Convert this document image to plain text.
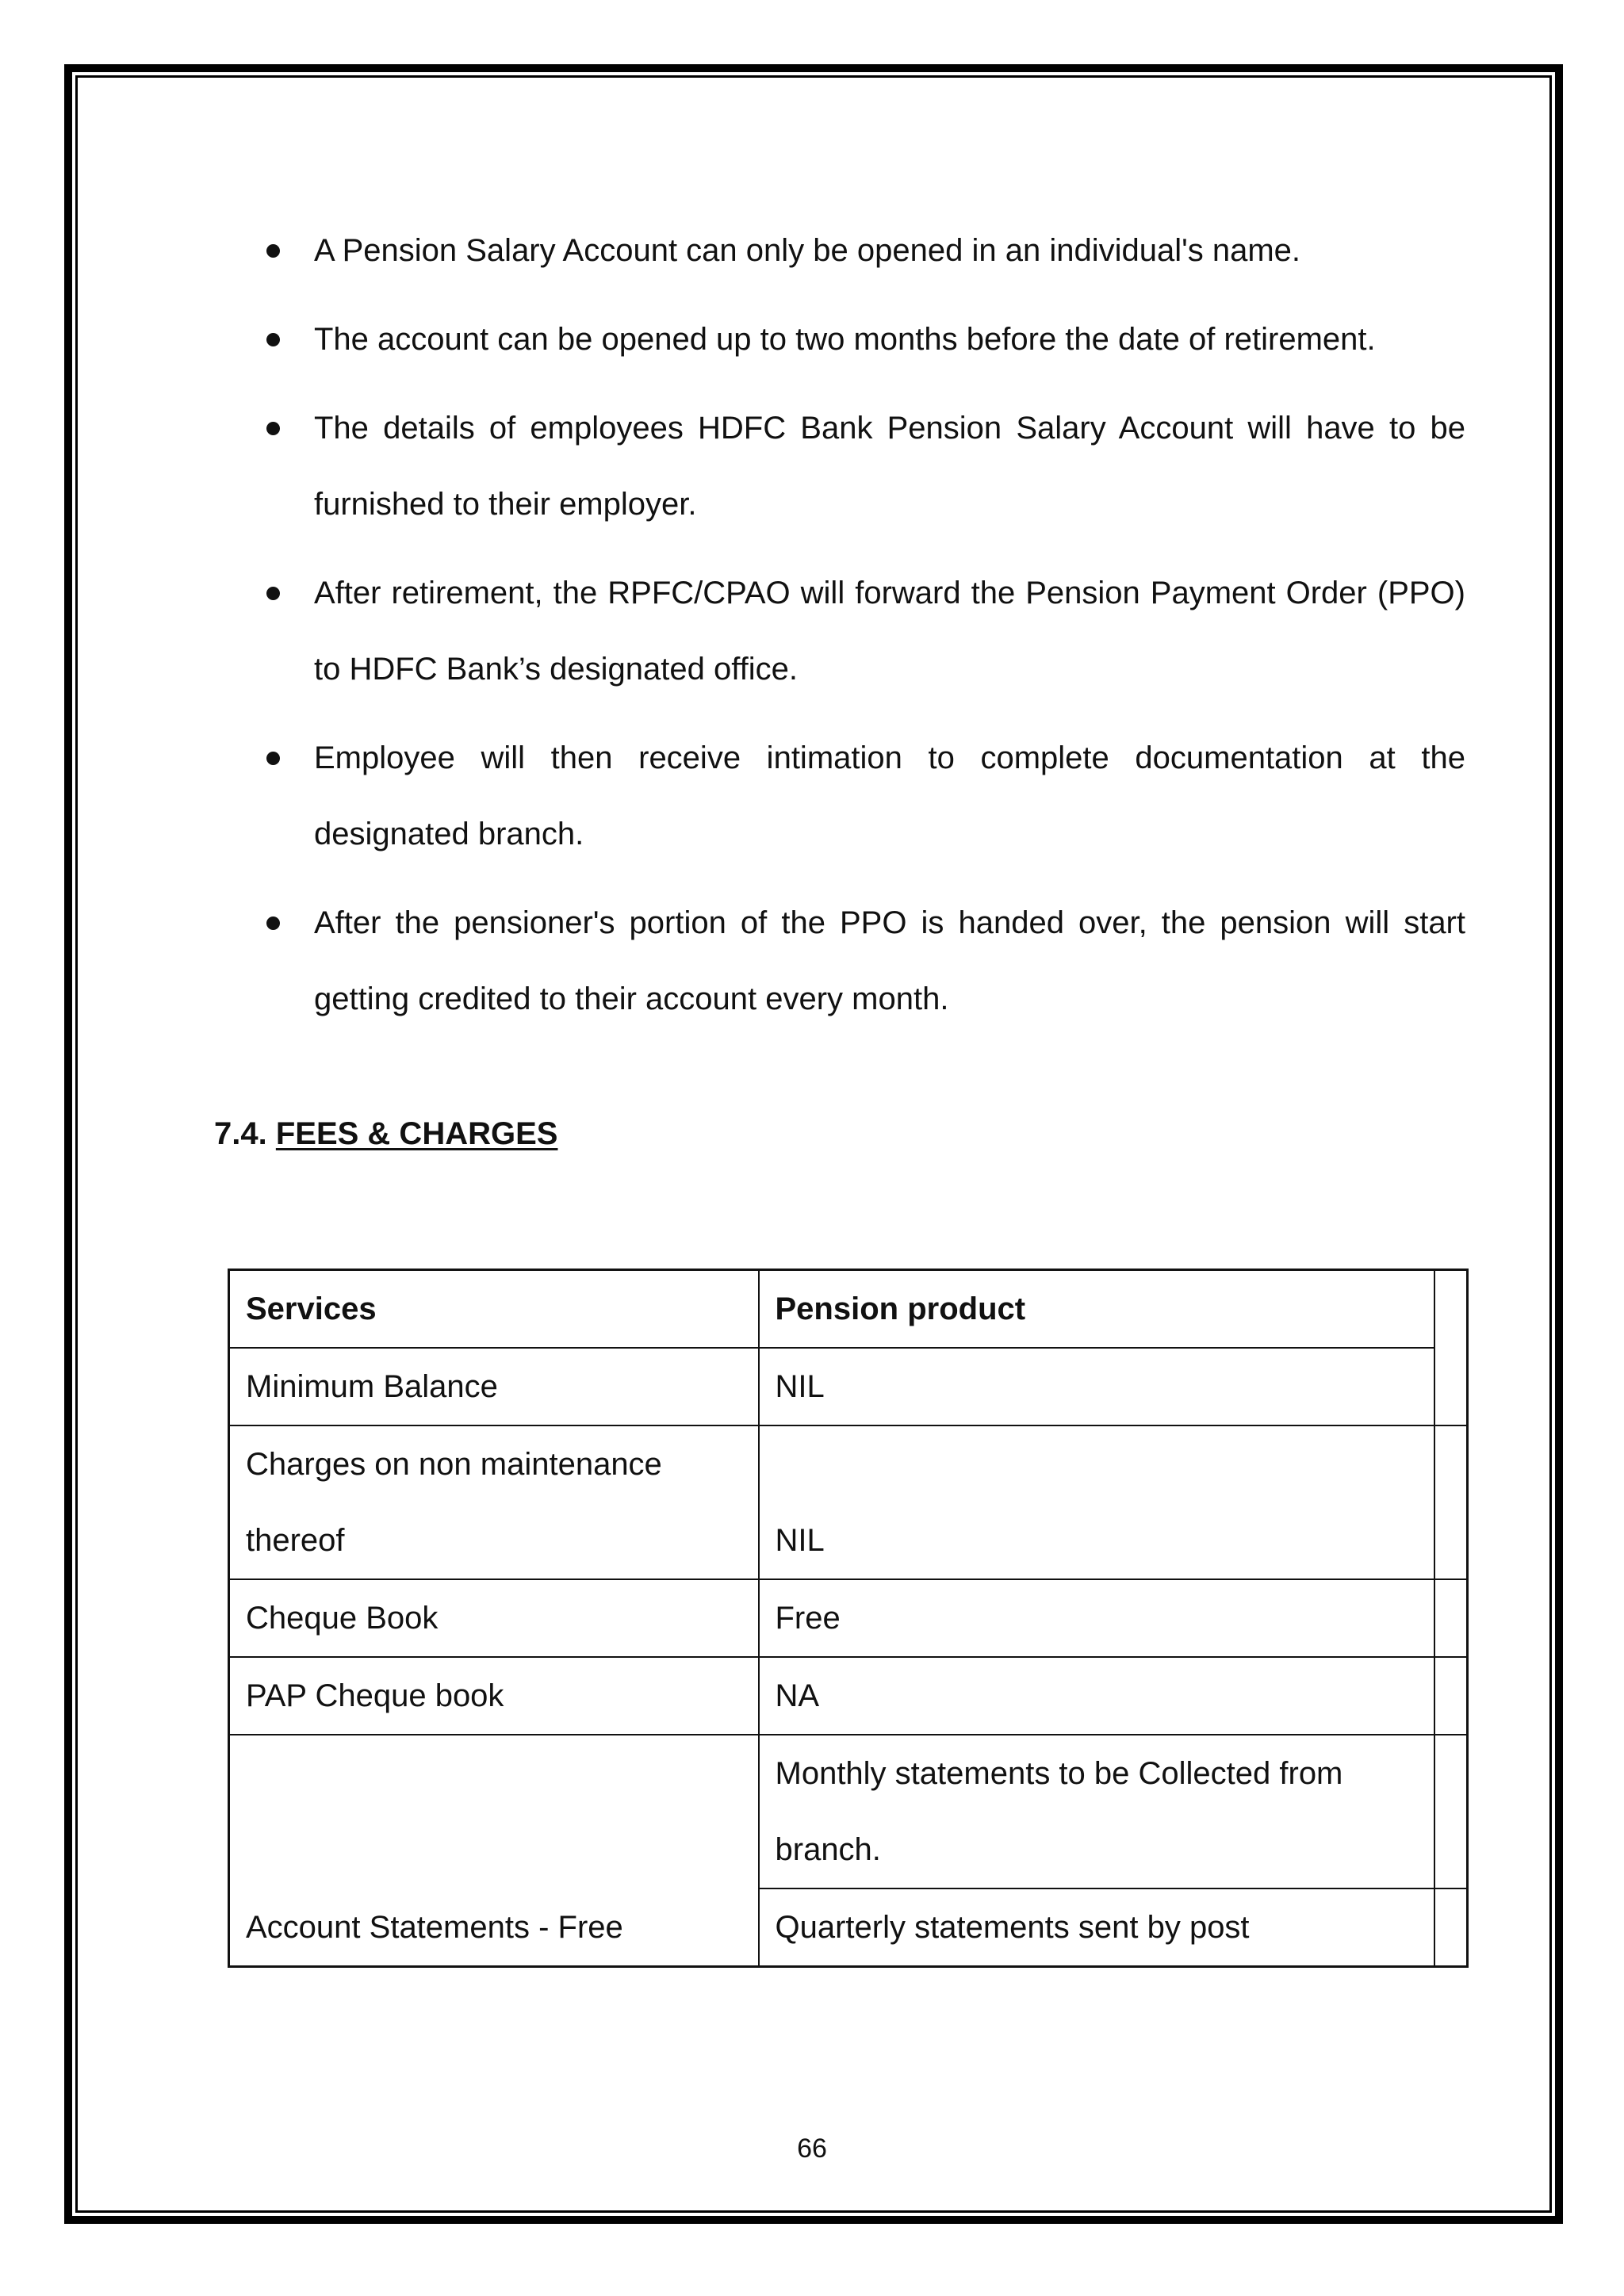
A Pension Salary Account can only be opened in an individual's name.
The account can be opened up to two months before the date of retirement.
The details of employees HDFC Bank Pension Salary Account will have to be furnished to their employer.
After retirement, the RPFC/CPAO will forward the Pension Payment Order (PPO) to HDFC Bank’s designated office.
Employee will then receive intimation to complete documentation at the designated branch.
After the pensioner's portion of the PPO is handed over, the pension will start getting credited to their account every month.
7.4. FEES & CHARGES
Services	Pension product	
Minimum Balance	NIL	

Charges on non maintenance
thereof	NIL	
Cheque Book	Free	
PAP Cheque book	NA	
Account Statements - Free	Monthly statements to be Collected from
branch.	

	Quarterly statements sent by post	
66
